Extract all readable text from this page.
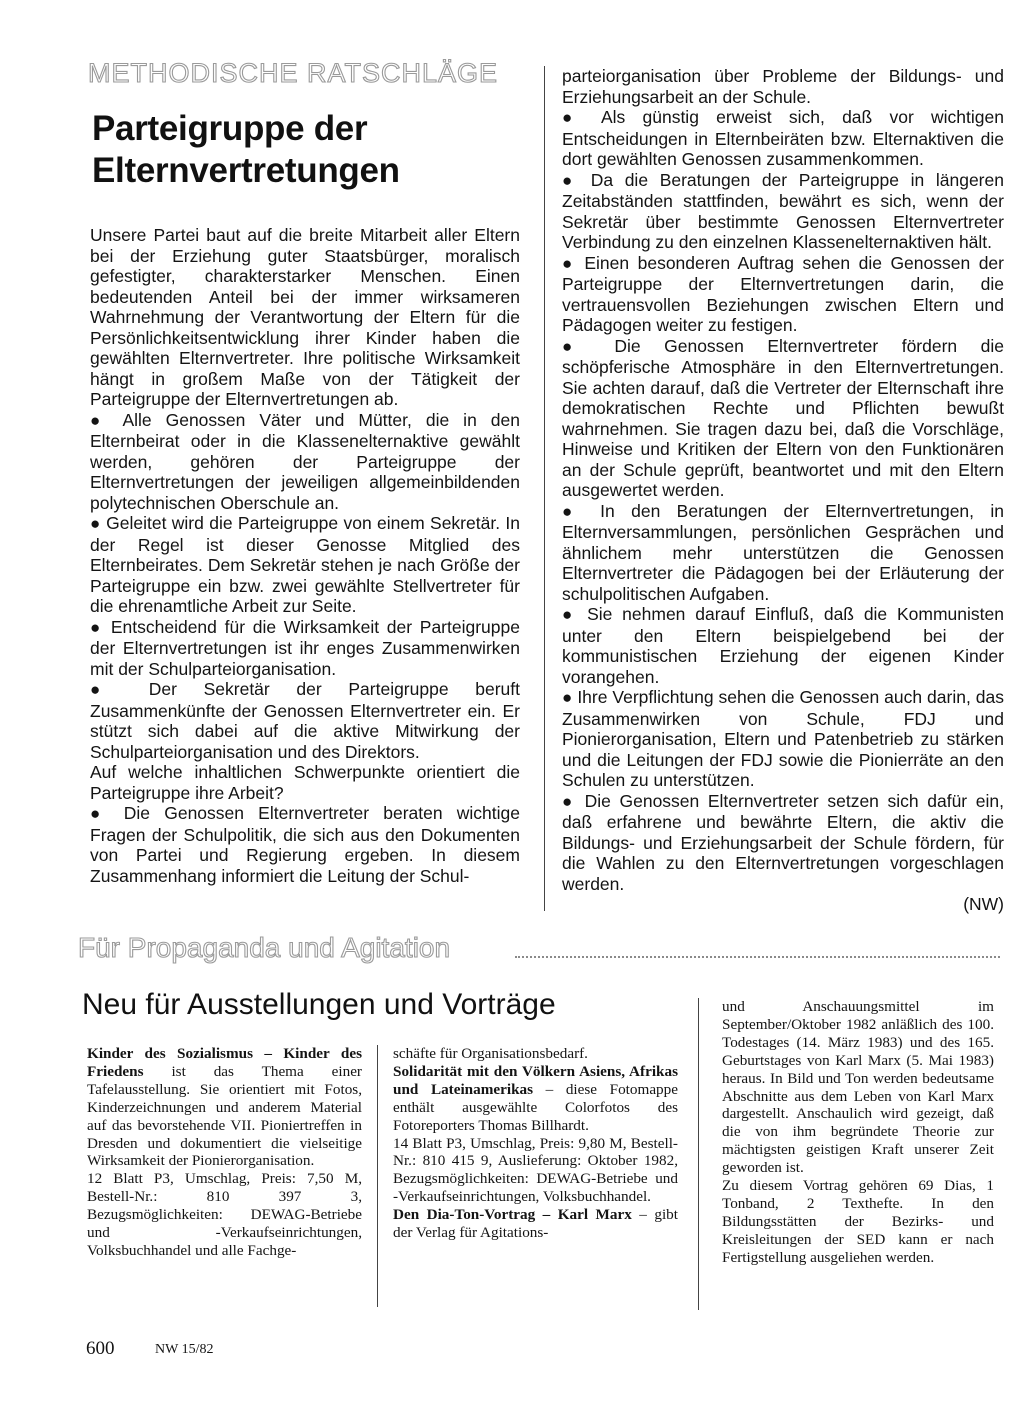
METHODISCHE RATSCHLÄGE
Parteigruppe der
Elternvertretungen

Unsere Partei baut auf die breite Mitarbeit aller Eltern bei der Erziehung guter Staatsbürger, moralisch gefestigter, charakterstarker Menschen. Einen bedeutenden Anteil bei der immer wirksameren Wahrnehmung der Verantwortung der Eltern für die Persönlichkeitsentwicklung ihrer Kinder haben die gewählten Elternvertreter. Ihre politische Wirksamkeit hängt in großem Maße von der Tätigkeit der Parteigruppe der Elternvertretungen ab.

● Alle Genossen Väter und Mütter, die in den Elternbeirat oder in die Klassenelternaktive gewählt werden, gehören der Parteigruppe der Elternvertretungen der jeweiligen allgemeinbildenden polytechnischen Oberschule an.

● Geleitet wird die Parteigruppe von einem Sekretär. In der Regel ist dieser Genosse Mitglied des Elternbeirates. Dem Sekretär stehen je nach Größe der Parteigruppe ein bzw. zwei gewählte Stellvertreter für die ehrenamtliche Arbeit zur Seite.

● Entscheidend für die Wirksamkeit der Parteigruppe der Elternvertretungen ist ihr enges Zusammenwirken mit der Schulparteiorganisation.

● Der Sekretär der Parteigruppe beruft Zusammenkünfte der Genossen Elternvertreter ein. Er stützt sich dabei auf die aktive Mitwirkung der Schulparteiorganisation und des Direktors.

Auf welche inhaltlichen Schwerpunkte orientiert die Parteigruppe ihre Arbeit?

● Die Genossen Elternvertreter beraten wichtige Fragen der Schulpolitik, die sich aus den Dokumenten von Partei und Regierung ergeben. In diesem Zusammenhang informiert die Leitung der Schul-

parteiorganisation über Probleme der Bildungs- und Erziehungsarbeit an der Schule.

● Als günstig erweist sich, daß vor wichtigen Entscheidungen in Elternbeiräten bzw. Elternaktiven die dort gewählten Genossen zusammenkommen.

● Da die Beratungen der Parteigruppe in längeren Zeitabständen stattfinden, bewährt es sich, wenn der Sekretär über bestimmte Genossen Elternvertreter Verbindung zu den einzelnen Klassenelternaktiven hält.

● Einen besonderen Auftrag sehen die Genossen der Parteigruppe der Elternvertretungen darin, die vertrauensvollen Beziehungen zwischen Eltern und Pädagogen weiter zu festigen.

● Die Genossen Elternvertreter fördern die schöpferische Atmosphäre in den Elternvertretungen. Sie achten darauf, daß die Vertreter der Elternschaft ihre demokratischen Rechte und Pflichten bewußt wahrnehmen. Sie tragen dazu bei, daß die Vorschläge, Hinweise und Kritiken der Eltern von den Funktionären an der Schule geprüft, beantwortet und mit den Eltern ausgewertet werden.

● In den Beratungen der Elternvertretungen, in Elternversammlungen, persönlichen Gesprächen und ähnlichem mehr unterstützen die Genossen Elternvertreter die Pädagogen bei der Erläuterung der schulpolitischen Aufgaben.

● Sie nehmen darauf Einfluß, daß die Kommunisten unter den Eltern beispielgebend bei der kommunistischen Erziehung der eigenen Kinder vorangehen.

● Ihre Verpflichtung sehen die Genossen auch darin, das Zusammenwirken von Schule, FDJ und Pionierorganisation, Eltern und Patenbetrieb zu stärken und die Leitungen der FDJ sowie die Pionierräte an den Schulen zu unterstützen.

● Die Genossen Elternvertreter setzen sich dafür ein, daß erfahrene und bewährte Eltern, die aktiv die Bildungs- und Erziehungsarbeit der Schule fördern, für die Wahlen zu den Elternvertretungen vorgeschlagen werden.

(NW)

Für Propaganda und Agitation
Neu für Ausstellungen und Vorträge

Kinder des Sozialismus – Kinder des Friedens ist das Thema einer Tafelausstellung. Sie orientiert mit Fotos, Kinderzeichnungen und anderem Material auf das bevorstehende VII. Pioniertreffen in Dresden und dokumentiert die vielseitige Wirksamkeit der Pionierorganisation.

12 Blatt P3, Umschlag, Preis: 7,50 M, Bestell-Nr.: 810 397 3, Bezugsmöglichkeiten: DEWAG-Betriebe und -Verkaufseinrichtungen, Volksbuchhandel und alle Fachge-

schäfte für Organisationsbedarf.

Solidarität mit den Völkern Asiens, Afrikas und Lateinamerikas – diese Fotomappe enthält ausgewählte Colorfotos des Fotoreporters Thomas Billhardt.

14 Blatt P3, Umschlag, Preis: 9,80 M, Bestell-Nr.: 810 415 9, Auslieferung: Oktober 1982, Bezugsmöglichkeiten: DEWAG-Betriebe und -Verkaufseinrichtungen, Volksbuchhandel.

Den Dia-Ton-Vortrag – Karl Marx – gibt der Verlag für Agitations-

und Anschauungsmittel im September/Oktober 1982 anläßlich des 100. Todestages (14. März 1983) und des 165. Geburtstages von Karl Marx (5. Mai 1983) heraus. In Bild und Ton werden bedeutsame Abschnitte aus dem Leben von Karl Marx dargestellt. Anschaulich wird gezeigt, daß die von ihm begründete Theorie zur mächtigsten geistigen Kraft unserer Zeit geworden ist.

Zu diesem Vortrag gehören 69 Dias, 1 Tonband, 2 Texthefte. In den Bildungsstätten der Bezirks- und Kreisleitungen der SED kann er nach Fertigstellung ausgeliehen werden.

600	NW 15/82
